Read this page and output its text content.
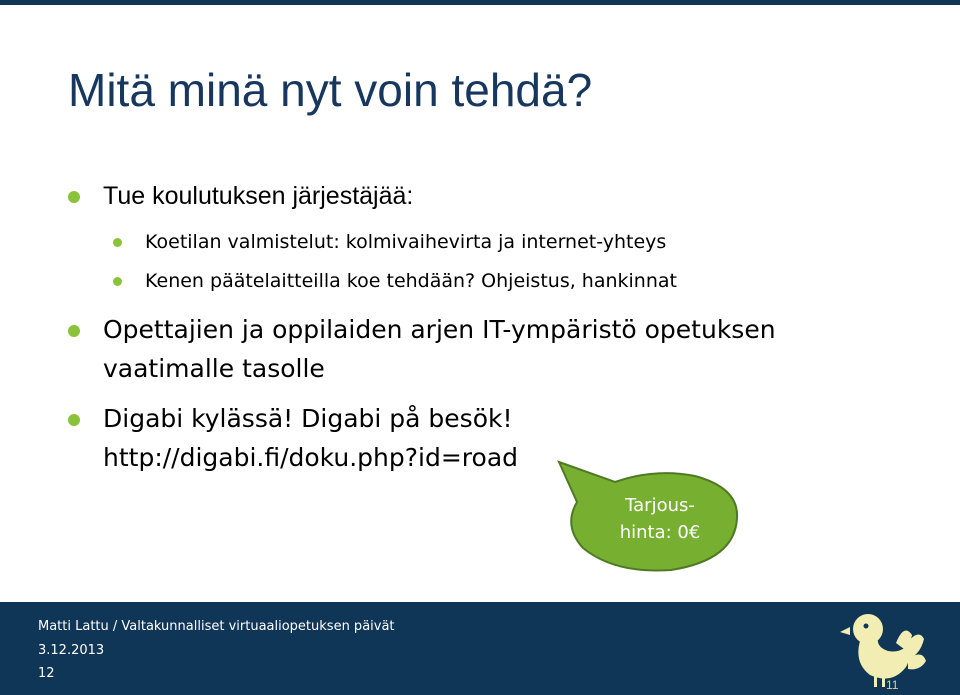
Mitä minä nyt voin tehdä?
Tue koulutuksen järjestäjää:
Koetilan valmistelut: kolmivaihevirta ja internet-yhteys
Kenen päätelaitteilla koe tehdään? Ohjeistus, hankinnat
Opettajien ja oppilaiden arjen IT-ympäristö opetuksen
vaatimalle tasolle
Digabi kylässä! Digabi på besök!
http://digabi.fi/doku.php?id=road
Tarjous-
hinta: 0€
Matti Lattu / Valtakunnalliset virtuaaliopetuksen päivät
3.12.2013
12
11
